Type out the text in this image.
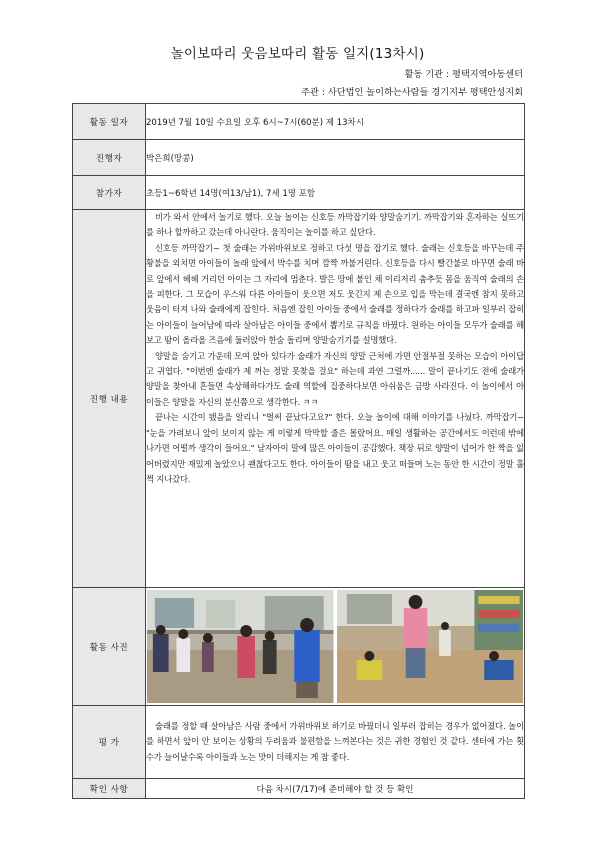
놀이보따리 웃음보따리 활동 일지(13차시)
활동 기관 : 평택지역아동센터
주관 : 사단법인 놀이하는사람들 경기지부 평택안성지회
활동 일자	2019년 7월 10일 수요일 오후 6시~7시(60분) 제 13차시
진행자	박은희(땅콩)
참가자	초등1~6학년 14명(여13/남1), 7세 1명 포함
진행 내용	비가 와서 안에서 놀기로 했다. 오늘 놀이는 신호등 까막잡기와 양말숨기기. 까막잡기와 혼자하는 실뜨기를 하나 할까하고 갔는데 아니란다. 움직이는 놀이를 하고 싶단다.

신호등 까막잡기~ 첫 술래는 가위바위보로 정하고 다섯 명을 잡기로 했다. 술래는 신호등을 바꾸는데 주황불을 외치면 아이들이 놀래 앞에서 박수를 치며 깜짝 까불거린다. 신호등을 다시 빨간불로 바꾸면 술래 바로 앞에서 헤헤 거리던 아이는 그 자리에 멈춘다. 발은 땅에 붙인 채 이리저리 춤추듯 몸을 움직여 술래의 손을 피한다. 그 모습이 우스워 다른 아이들이 웃으면 저도 웃긴지 제 손으로 입을 막는데 결국엔 참지 못하고 웃음이 터져 나와 술래에게 잡힌다. 처음엔 잡힌 아이들 중에서 술래를 정하다가 술래를 하고파 일부러 잡히는 아이들이 늘어남에 따라 살아남은 아이들 중에서 뽑기로 규칙을 바꿨다. 원하는 아이들 모두가 술래를 해보고 땀이 올라올 즈음에 둘러앉아 한숨 돌리며 양말숨기기를 설명했다.

양말을 숨기고 가운데 모여 앉아 있다가 술래가 자신의 양말 근처에 가면 안절부절 못하는 모습이 아이답고 귀엽다. "이번엔 술래가 제 꺼는 정말 못찾을 걸요" 하는데 과연 그럴까...... 말이 끝나기도 전에 술래가 양말을 찾아내 흔들면 속상해하다가도 술래 역할에 집중하다보면 아쉬움은 금방 사라진다. 이 놀이에서 아이들은 양말을 자신의 분신쯤으로 생각한다. ㅋㅋ

끝나는 시간이 됐음을 알리니 "벌써 끝났다고요?" 한다. 오늘 놀이에 대해 이야기를 나눴다. 까막잡기~ "눈을 가려보니 앞이 보이지 않는 게 이렇게 막막할 줄은 몰랐어요. 매일 생활하는 공간에서도 이런데 밖에 나가면 어떨까 생각이 들어요." 남자아이 말에 많은 아이들이 공감했다. 책장 뒤로 양말이 넘어가 한 짝을 잃어버렸지만 재밌게 놀았으니 괜찮다고도 한다. 아이들이 땀을 내고 웃고 떠들며 노는 동안 한 시간이 정말 훌쩍 지나갔다.

활동 사진	

평 가	술래를 정할 때 살아남은 사람 중에서 가위바위보 하기로 바꿨더니 일부러 잡히는 경우가 없어졌다. 놀이를 하면서 앞이 안 보이는 상황의 두려움과 불편함을 느껴본다는 것은 귀한 경험인 것 같다. 센터에 가는 횟수가 늘어날수록 아이들과 노는 맛이 더해지는 게 참 좋다.

확인 사항	다음 차시(7/17)에 준비해야 할 것 등 확인
